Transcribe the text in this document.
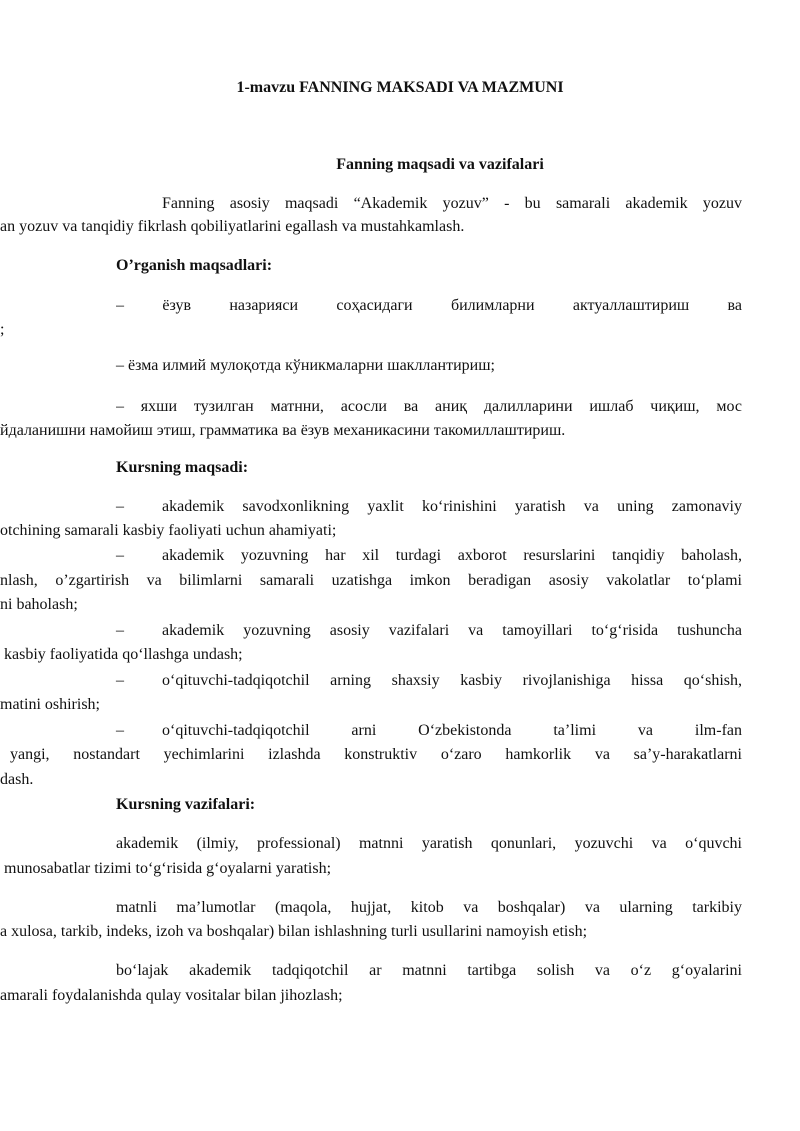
1-mavzu FANNING MAKSADI VA MAZMUNI
Fanning maqsadi va vazifalari
Fanning asosiy maqsadi “Akademik yozuv” - bu samarali akademik yozuv
an yozuv va tanqidiy fikrlash qobiliyatlarini egallash va mustahkamlash.
O’rganish maqsadlari:
– ёзув назарияси соҳасидаги билимларни актуаллаштириш ва
;
– ёзма илмий мулоқотда кўникмаларни шакллантириш;
– яхши тузилган матнни, асосли ва аниқ далилларини ишлаб чиқиш, мос
йдаланишни намойиш этиш, грамматика ва ёзув механикасини такомиллаштириш.
Kursning maqsadi:
– akademik savodxonlikning yaxlit ko‘rinishini yaratish va uning zamonaviy
otchining samarali kasbiy faoliyati uchun ahamiyati;
– akademik yozuvning har xil turdagi axborot resurslarini tanqidiy baholash,
nlash, o’zgartirish va bilimlarni samarali uzatishga imkon beradigan asosiy vakolatlar to‘plami
ni baholash;
– akademik yozuvning asosiy vazifalari va tamoyillari to‘g‘risida tushuncha
kasbiy faoliyatida qo‘llashga undash;
– o‘qituvchi-tadqiqotchil arning shaxsiy kasbiy rivojlanishiga hissa qo‘shish,
matini oshirish;
– o‘qituvchi-tadqiqotchil arni O‘zbekistonda ta’limi va ilm-fan
yangi, nostandart yechimlarini izlashda konstruktiv o‘zaro hamkorlik va sa’y-harakatlarni
dash.
Kursning vazifalari:
akademik (ilmiy, professional) matnni yaratish qonunlari, yozuvchi va o‘quvchi
munosabatlar tizimi to‘g‘risida g‘oyalarni yaratish;
matnli ma’lumotlar (maqola, hujjat, kitob va boshqalar) va ularning tarkibiy
a xulosa, tarkib, indeks, izoh va boshqalar) bilan ishlashning turli usullarini namoyish etish;
bo‘lajak akademik tadqiqotchil ar matnni tartibga solish va o‘z g‘oyalarini
amarali foydalanishda qulay vositalar bilan jihozlash;
